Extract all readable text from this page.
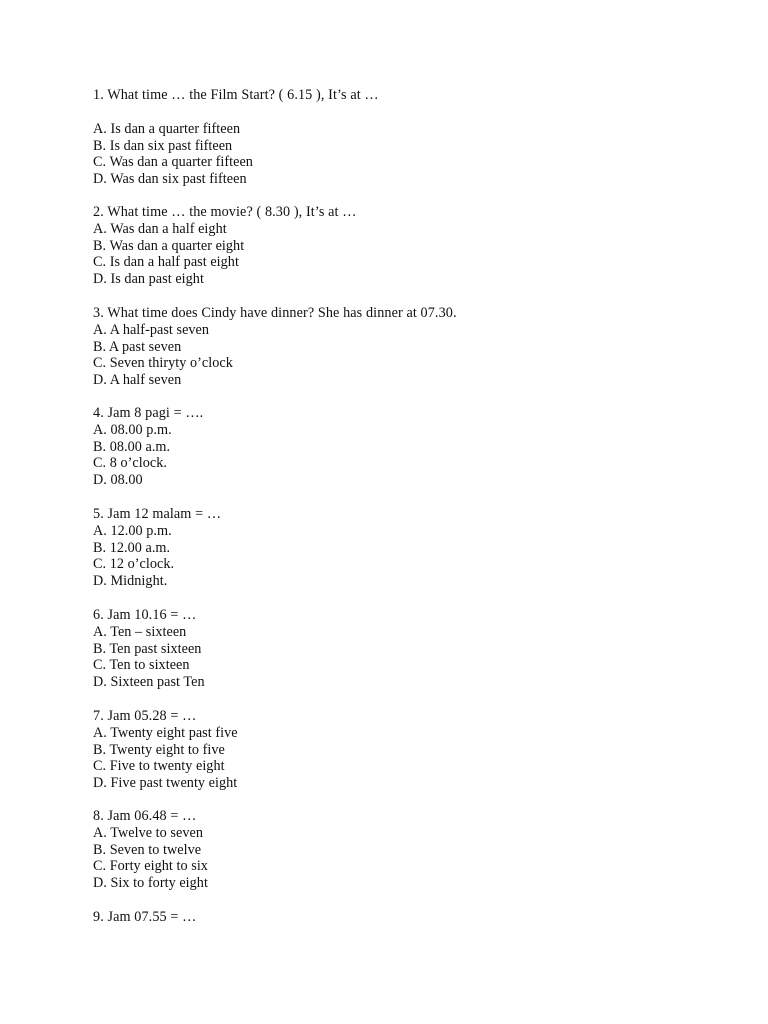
1. What time … the Film Start? ( 6.15 ), It’s at …
A. Is dan a quarter fifteen
B. Is dan six past fifteen
C. Was dan a quarter fifteen
D. Was dan six past fifteen
2. What time … the movie? ( 8.30 ), It’s at …
A. Was dan a half eight
B. Was dan a quarter eight
C. Is dan a half past eight
D. Is dan past eight
3. What time does Cindy have dinner? She has dinner at 07.30.
A. A half-past seven
B. A past seven
C. Seven thiryty o’clock
D. A half seven
4. Jam 8 pagi = ….
A. 08.00 p.m.
B. 08.00 a.m.
C. 8 o’clock.
D. 08.00
5. Jam 12 malam = …
A. 12.00 p.m.
B. 12.00 a.m.
C. 12 o’clock.
D. Midnight.
6. Jam 10.16 = …
A. Ten – sixteen
B. Ten past sixteen
C. Ten to sixteen
D. Sixteen past Ten
7. Jam 05.28 = …
A. Twenty eight past five
B. Twenty eight to five
C. Five to twenty eight
D. Five past twenty eight
8. Jam 06.48 = …
A. Twelve to seven
B. Seven to twelve
C. Forty eight to six
D. Six to forty eight
9. Jam 07.55 = …
